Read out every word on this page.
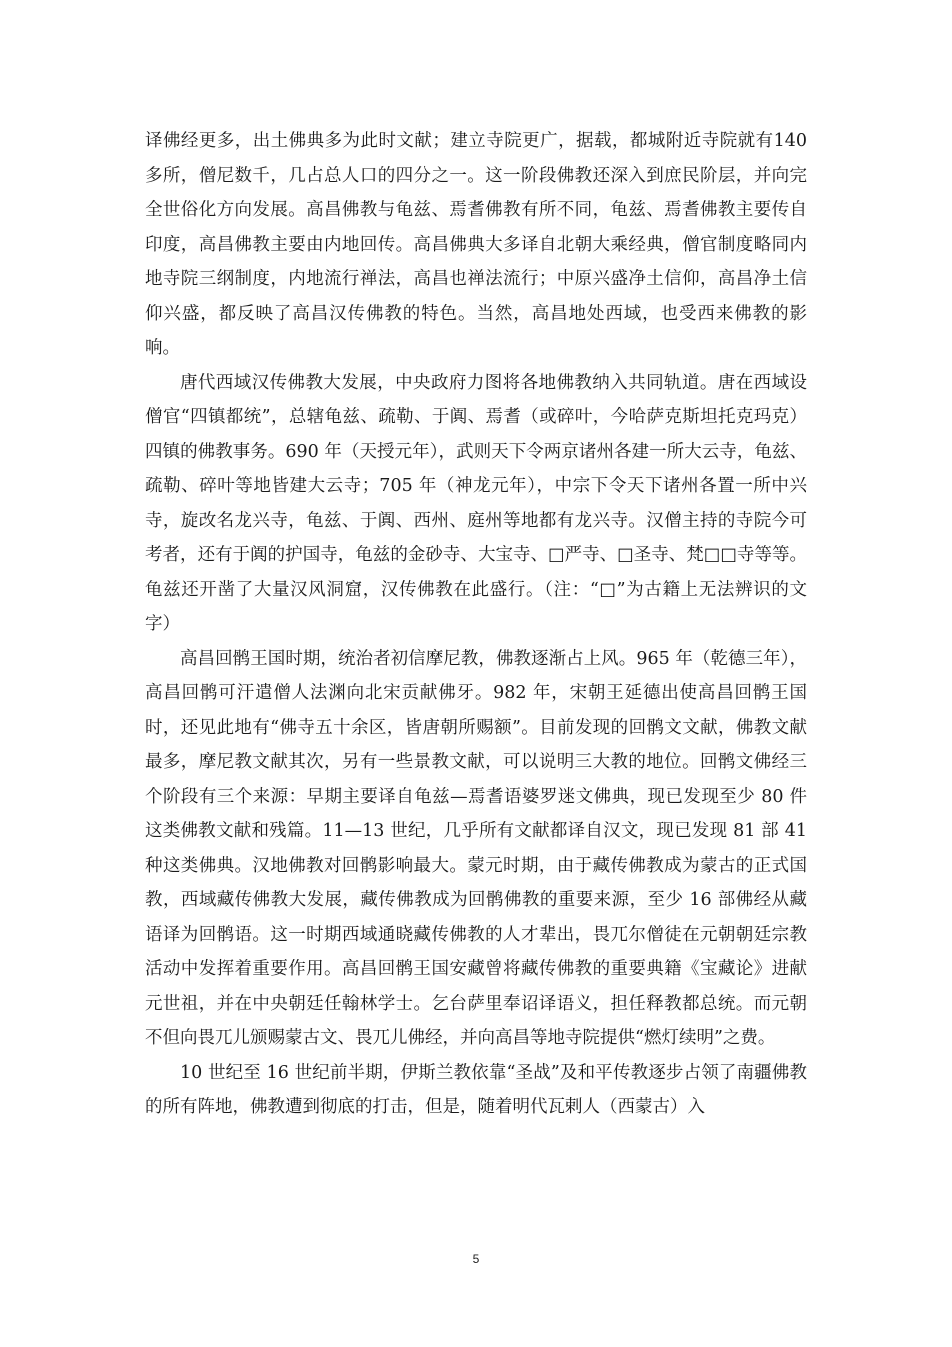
译佛经更多，出土佛典多为此时文献；建立寺院更广，据载，都城附近寺院就有140 多所，僧尼数千，几占总人口的四分之一。这一阶段佛教还深入到庶民阶层，并向完全世俗化方向发展。高昌佛教与龟兹、焉耆佛教有所不同，龟兹、焉耆佛教主要传自印度，高昌佛教主要由内地回传。高昌佛典大多译自北朝大乘经典，僧官制度略同内地寺院三纲制度，内地流行禅法，高昌也禅法流行；中原兴盛净土信仰，高昌净土信仰兴盛，都反映了高昌汉传佛教的特色。当然，高昌地处西域，也受西来佛教的影响。

唐代西域汉传佛教大发展，中央政府力图将各地佛教纳入共同轨道。唐在西域设僧官“四镇都统”，总辖龟兹、疏勒、于阗、焉耆（或碎叶，今哈萨克斯坦托克玛克）四镇的佛教事务。690 年（天授元年），武则天下令两京诸州各建一所大云寺，龟兹、疏勒、碎叶等地皆建大云寺；705 年（神龙元年），中宗下令天下诸州各置一所中兴寺，旋改名龙兴寺，龟兹、于阗、西州、庭州等地都有龙兴寺。汉僧主持的寺院今可考者，还有于阗的护国寺，龟兹的金砂寺、大宝寺、□严寺、□圣寺、梵□□寺等等。龟兹还开凿了大量汉风洞窟，汉传佛教在此盛行。（注：“□”为古籍上无法辨识的文字）

高昌回鹘王国时期，统治者初信摩尼教，佛教逐渐占上风。965 年（乾德三年），高昌回鹘可汗遣僧人法渊向北宋贡献佛牙。982 年，宋朝王延德出使高昌回鹘王国时，还见此地有“佛寺五十余区，皆唐朝所赐额”。目前发现的回鹘文文献，佛教文献最多，摩尼教文献其次，另有一些景教文献，可以说明三大教的地位。回鹘文佛经三个阶段有三个来源：早期主要译自龟兹—焉耆语婆罗迷文佛典，现已发现至少 80 件这类佛教文献和残篇。11—13 世纪，几乎所有文献都译自汉文，现已发现 81 部 41 种这类佛典。汉地佛教对回鹘影响最大。蒙元时期，由于藏传佛教成为蒙古的正式国教，西域藏传佛教大发展，藏传佛教成为回鹘佛教的重要来源，至少 16 部佛经从藏语译为回鹘语。这一时期西域通晓藏传佛教的人才辈出，畏兀尔僧徒在元朝朝廷宗教活动中发挥着重要作用。高昌回鹘王国安藏曾将藏传佛教的重要典籍《宝藏论》进献元世祖，并在中央朝廷任翰林学士。乞台萨里奉诏译语义，担任释教都总统。而元朝不但向畏兀儿颁赐蒙古文、畏兀儿佛经，并向高昌等地寺院提供“燃灯续明”之费。

10 世纪至 16 世纪前半期，伊斯兰教依靠“圣战”及和平传教逐步占领了南疆佛教的所有阵地，佛教遭到彻底的打击，但是，随着明代瓦剌人（西蒙古）入

5
